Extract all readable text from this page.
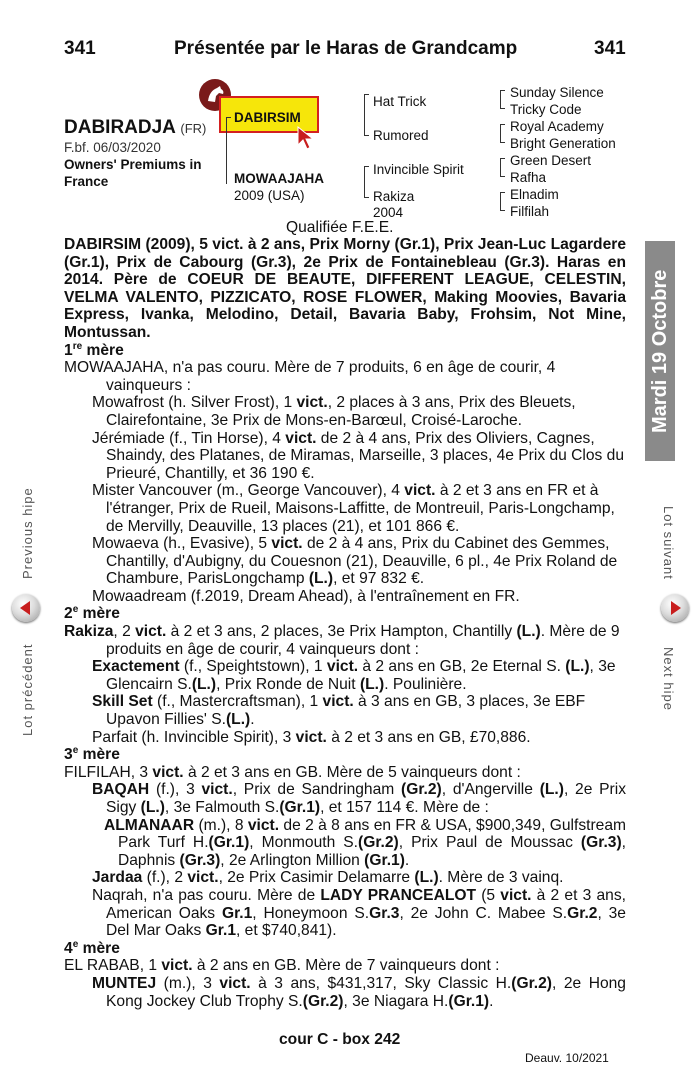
341	Présentée par le Haras de Grandcamp	341
DABIRADJA (FR)
F.bf. 06/03/2020
Owners' Premiums in
France
DABIRSIM
MOWAAJAHA
2009 (USA)
Hat Trick
Rumored
Invincible Spirit
Rakiza
2004
Sunday Silence
Tricky Code
Royal Academy
Bright Generation
Green Desert
Rafha
Elnadim
Filfilah
Qualifiée F.E.E.

DABIRSIM (2009), 5 vict. à 2 ans, Prix Morny (Gr.1), Prix Jean-Luc Lagardere (Gr.1), Prix de Cabourg (Gr.3), 2e Prix de Fontainebleau (Gr.3). Haras en 2014. Père de COEUR DE BEAUTE, DIFFERENT LEAGUE, CELESTIN, VELMA VALENTO, PIZZICATO, ROSE FLOWER, Making Moovies, Bavaria Express, Ivanka, Melodino, Detail, Bavaria Baby, Frohsim, Not Mine, Montussan.

1re mère

MOWAAJAHA, n'a pas couru. Mère de 7 produits, 6 en âge de courir, 4 vainqueurs :

Mowafrost (h. Silver Frost), 1 vict., 2 places à 3 ans, Prix des Bleuets, Clairefontaine, 3e Prix de Mons-en-Barœul, Croisé-Laroche.

Jérémiade (f., Tin Horse), 4 vict. de 2 à 4 ans, Prix des Oliviers, Cagnes, Shaindy, des Platanes, de Miramas, Marseille, 3 places, 4e Prix du Clos du Prieuré, Chantilly, et 36 190 €.

Mister Vancouver (m., George Vancouver), 4 vict. à 2 et 3 ans en FR et à l'étranger, Prix de Rueil, Maisons-Laffitte, de Montreuil, Paris-Longchamp, de Mervilly, Deauville, 13 places (21), et 101 866 €.

Mowaeva (h., Evasive), 5 vict. de 2 à 4 ans, Prix du Cabinet des Gemmes, Chantilly, d'Aubigny, du Couesnon (21), Deauville, 6 pl., 4e Prix Roland de Chambure, ParisLongchamp (L.), et 97 832 €.

Mowaadream (f.2019, Dream Ahead), à l'entraînement en FR.

2e mère

Rakiza, 2 vict. à 2 et 3 ans, 2 places, 3e Prix Hampton, Chantilly (L.). Mère de 9 produits en âge de courir, 4 vainqueurs dont :

Exactement (f., Speightstown), 1 vict. à 2 ans en GB, 2e Eternal S. (L.), 3e Glencairn S.(L.), Prix Ronde de Nuit (L.). Poulinière.

Skill Set (f., Mastercraftsman), 1 vict. à 3 ans en GB, 3 places, 3e EBF Upavon Fillies' S.(L.).

Parfait (h. Invincible Spirit), 3 vict. à 2 et 3 ans en GB, £70,886.

3e mère

FILFILAH, 3 vict. à 2 et 3 ans en GB. Mère de 5 vainqueurs dont :

BAQAH (f.), 3 vict., Prix de Sandringham (Gr.2), d'Angerville (L.), 2e Prix Sigy (L.), 3e Falmouth S.(Gr.1), et 157 114 €. Mère de :

ALMANAAR (m.), 8 vict. de 2 à 8 ans en FR & USA, $900,349, Gulfstream Park Turf H.(Gr.1), Monmouth S.(Gr.2), Prix Paul de Moussac (Gr.3), Daphnis (Gr.3), 2e Arlington Million (Gr.1).

Jardaa (f.), 2 vict., 2e Prix Casimir Delamarre (L.). Mère de 3 vainq.

Naqrah, n'a pas couru. Mère de LADY PRANCEALOT (5 vict. à 2 et 3 ans, American Oaks Gr.1, Honeymoon S.Gr.3, 2e John C. Mabee S.Gr.2, 3e Del Mar Oaks Gr.1, et $740,841).

4e mère

EL RABAB, 1 vict. à 2 ans en GB. Mère de 7 vainqueurs dont :

MUNTEJ (m.), 3 vict. à 3 ans, $431,317, Sky Classic H.(Gr.2), 2e Hong Kong Jockey Club Trophy S.(Gr.2), 3e Niagara H.(Gr.1).

cour C - box 242
Deauv. 10/2021
Mardi 19 Octobre
Previous hipe
Lot précédent
Lot suivant
Next hipe
